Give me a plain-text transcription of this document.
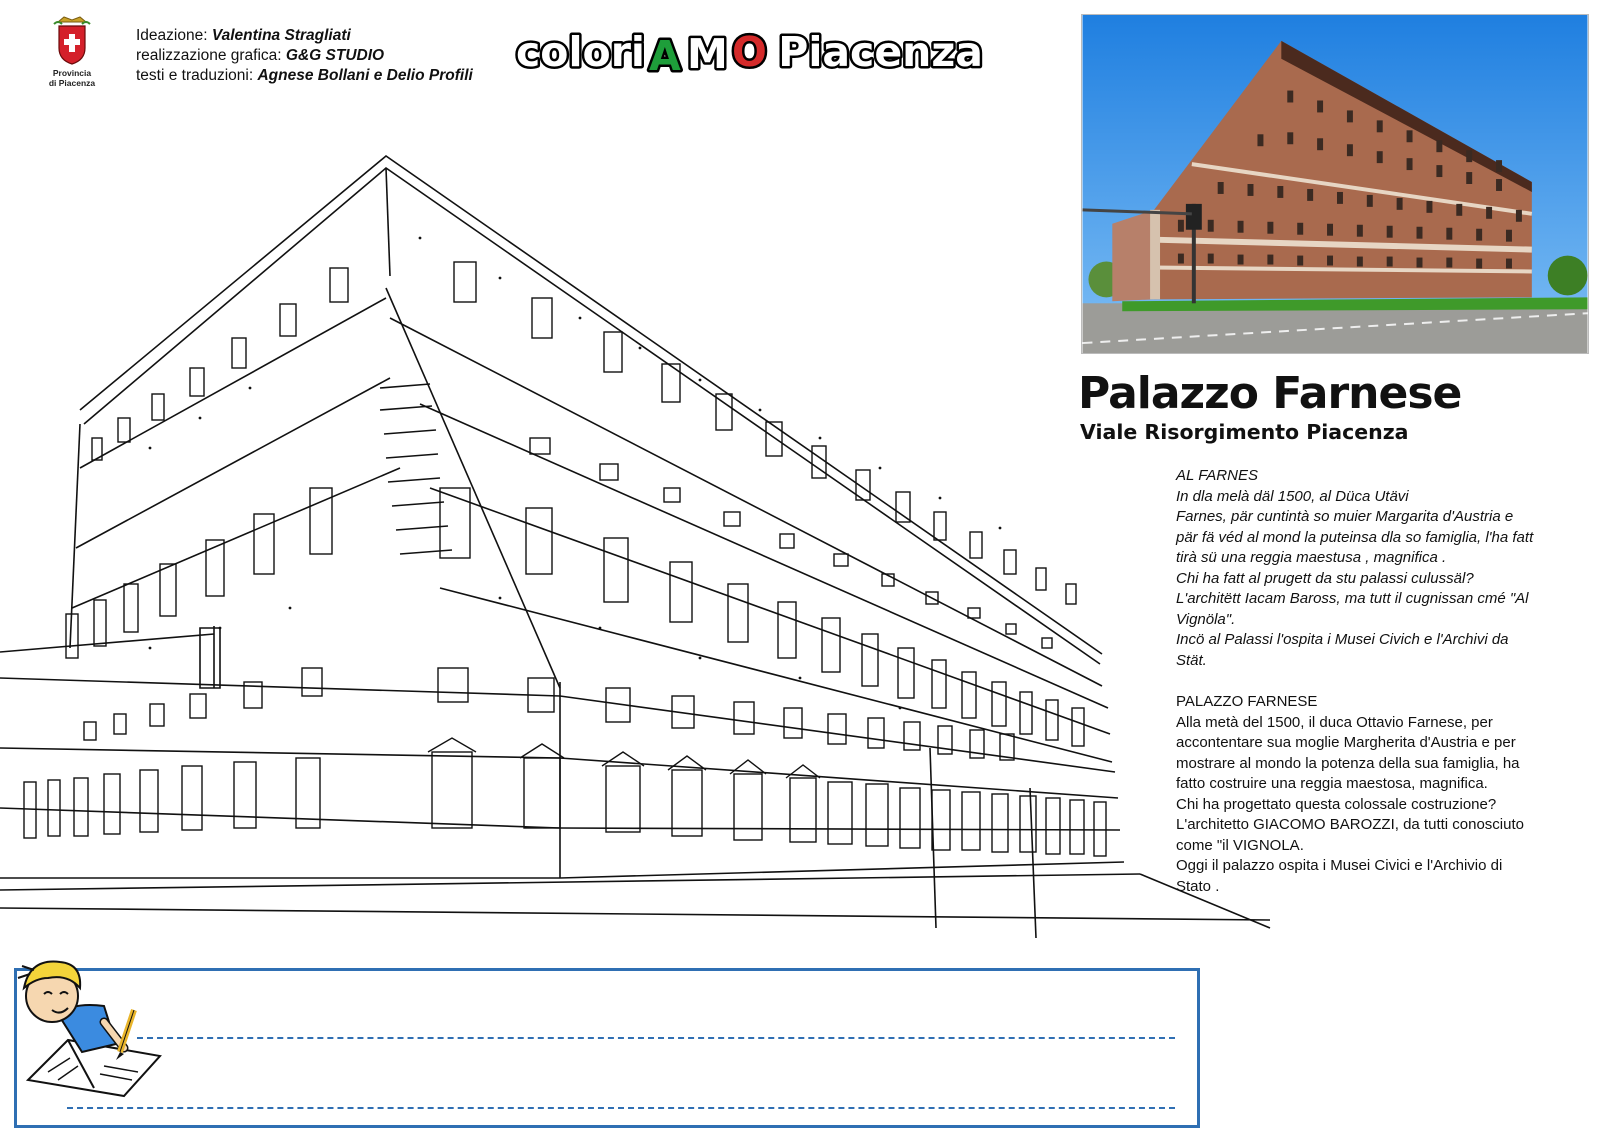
Provincia
di Piacenza
Ideazione: Valentina Stragliati
realizzazione grafica: G&G STUDIO
testi e traduzioni: Agnese Bollani e Delio Profili colori A M O
Piacenza
Palazzo Farnese
Viale Risorgimento Piacenza

AL FARNES

In dla melà däl 1500, al Düca Utävi

Farnes, pär cuntintà so muier Margarita d'Austria e

pär fä véd al mond la puteinsa dla so famiglia, l'ha fatt

tirà sü una reggia maestusa , magnifica .

Chi ha fatt al prugett da stu palassi culussäl?

L'architëtt Iacam Baross, ma tutt il cugnissan cmé "Al

Vignöla".

Incö al Palassi l'ospita i Musei Civich e l'Archivi da

Stät.

PALAZZO FARNESE

Alla metà del 1500, il duca Ottavio Farnese, per

accontentare sua moglie Margherita d'Austria e per

mostrare al mondo la potenza della sua famiglia, ha

fatto costruire una reggia maestosa, magnifica.

Chi ha progettato questa colossale costruzione?

L'architetto GIACOMO BAROZZI, da tutti conosciuto

come "il VIGNOLA.

Oggi il palazzo ospita i Musei Civici e l'Archivio di

Stato .
